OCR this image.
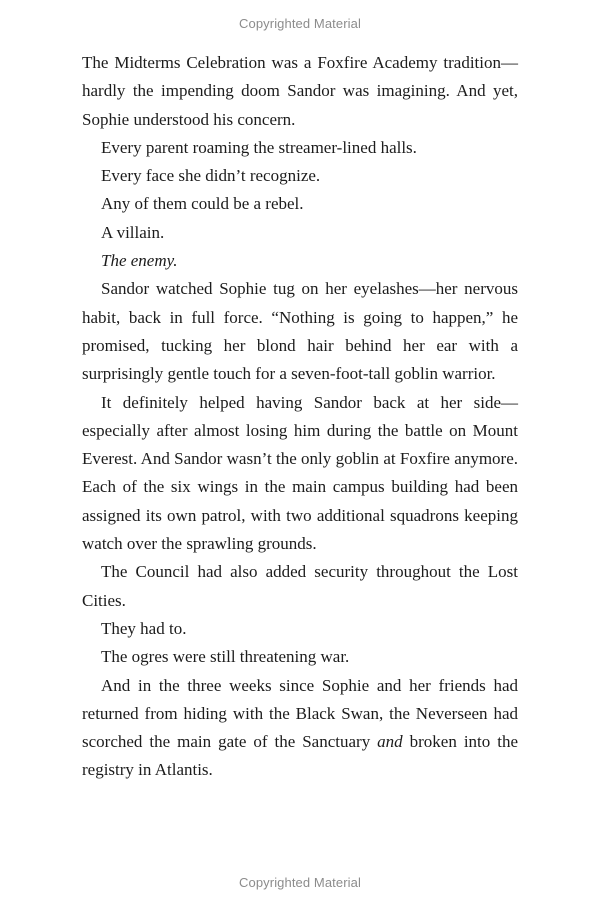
Copyrighted Material

The Midterms Celebration was a Foxfire Academy tradition—hardly the impending doom Sandor was imagining. And yet, Sophie understood his concern.

Every parent roaming the streamer-lined halls.

Every face she didn’t recognize.

Any of them could be a rebel.

A villain.

The enemy.

Sandor watched Sophie tug on her eyelashes—her nervous habit, back in full force. “Nothing is going to happen,” he promised, tucking her blond hair behind her ear with a surprisingly gentle touch for a seven-foot-tall goblin warrior.

It definitely helped having Sandor back at her side—especially after almost losing him during the battle on Mount Everest. And Sandor wasn’t the only goblin at Foxfire anymore. Each of the six wings in the main campus building had been assigned its own patrol, with two additional squadrons keeping watch over the sprawling grounds.

The Council had also added security throughout the Lost Cities.

They had to.

The ogres were still threatening war.

And in the three weeks since Sophie and her friends had returned from hiding with the Black Swan, the Neverseen had scorched the main gate of the Sanctuary and broken into the registry in Atlantis.

Copyrighted Material
